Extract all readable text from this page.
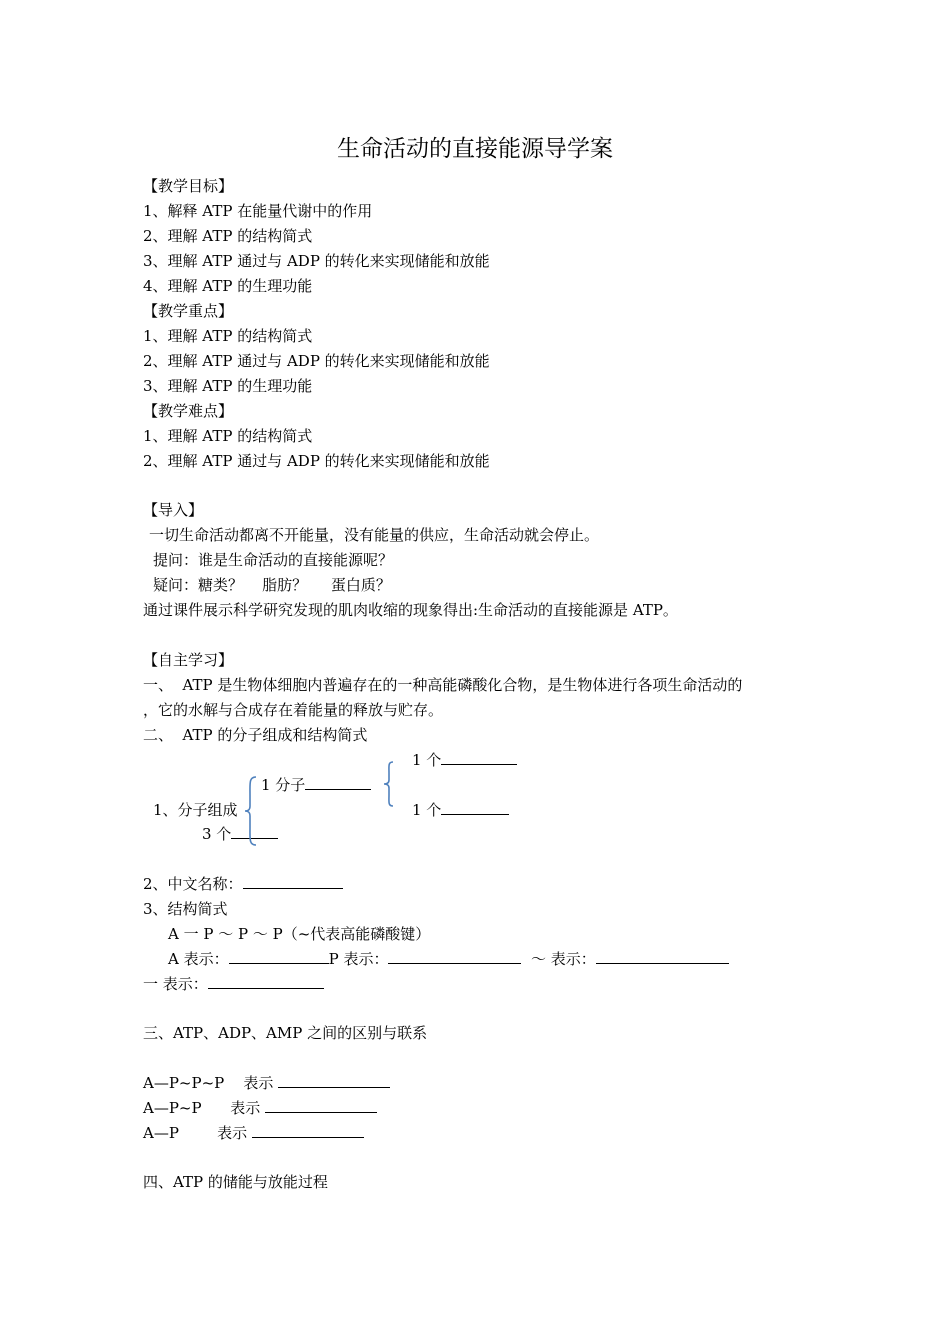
生命活动的直接能源导学案
【教学目标】
1、解释 ATP 在能量代谢中的作用
2、理解 ATP 的结构简式
3、理解 ATP 通过与 ADP 的转化来实现储能和放能
4、理解 ATP 的生理功能
【教学重点】
1、理解 ATP 的结构简式
2、理解 ATP 通过与 ADP 的转化来实现储能和放能
3、理解 ATP 的生理功能
【教学难点】
1、理解 ATP 的结构简式
2、理解 ATP 通过与 ADP 的转化来实现储能和放能
【导入】
一切生命活动都离不开能量，没有能量的供应，生命活动就会停止。
提问：谁是生命活动的直接能源呢？
疑问：糖类？    脂肪？     蛋白质？
通过课件展示科学研究发现的肌肉收缩的现象得出:生命活动的直接能源是 ATP。
【自主学习】
一、  ATP 是生物体细胞内普遍存在的一种高能磷酸化合物，是生物体进行各项生命活动的
，它的水解与合成存在着能量的释放与贮存。
二、  ATP 的分子组成和结构简式
1 个
1 分子
1、分子组成	1 个
3 个
2、中文名称：
3、结构简式
A 一 P ～ P ～ P（~代表高能磷酸键）
A 表示：	P 表示：	～ 表示：
一 表示：
三、ATP、ADP、AMP 之间的区别与联系
A—P~P~P 表示
A—P~P 表示
A—P	表示
四、ATP 的储能与放能过程
